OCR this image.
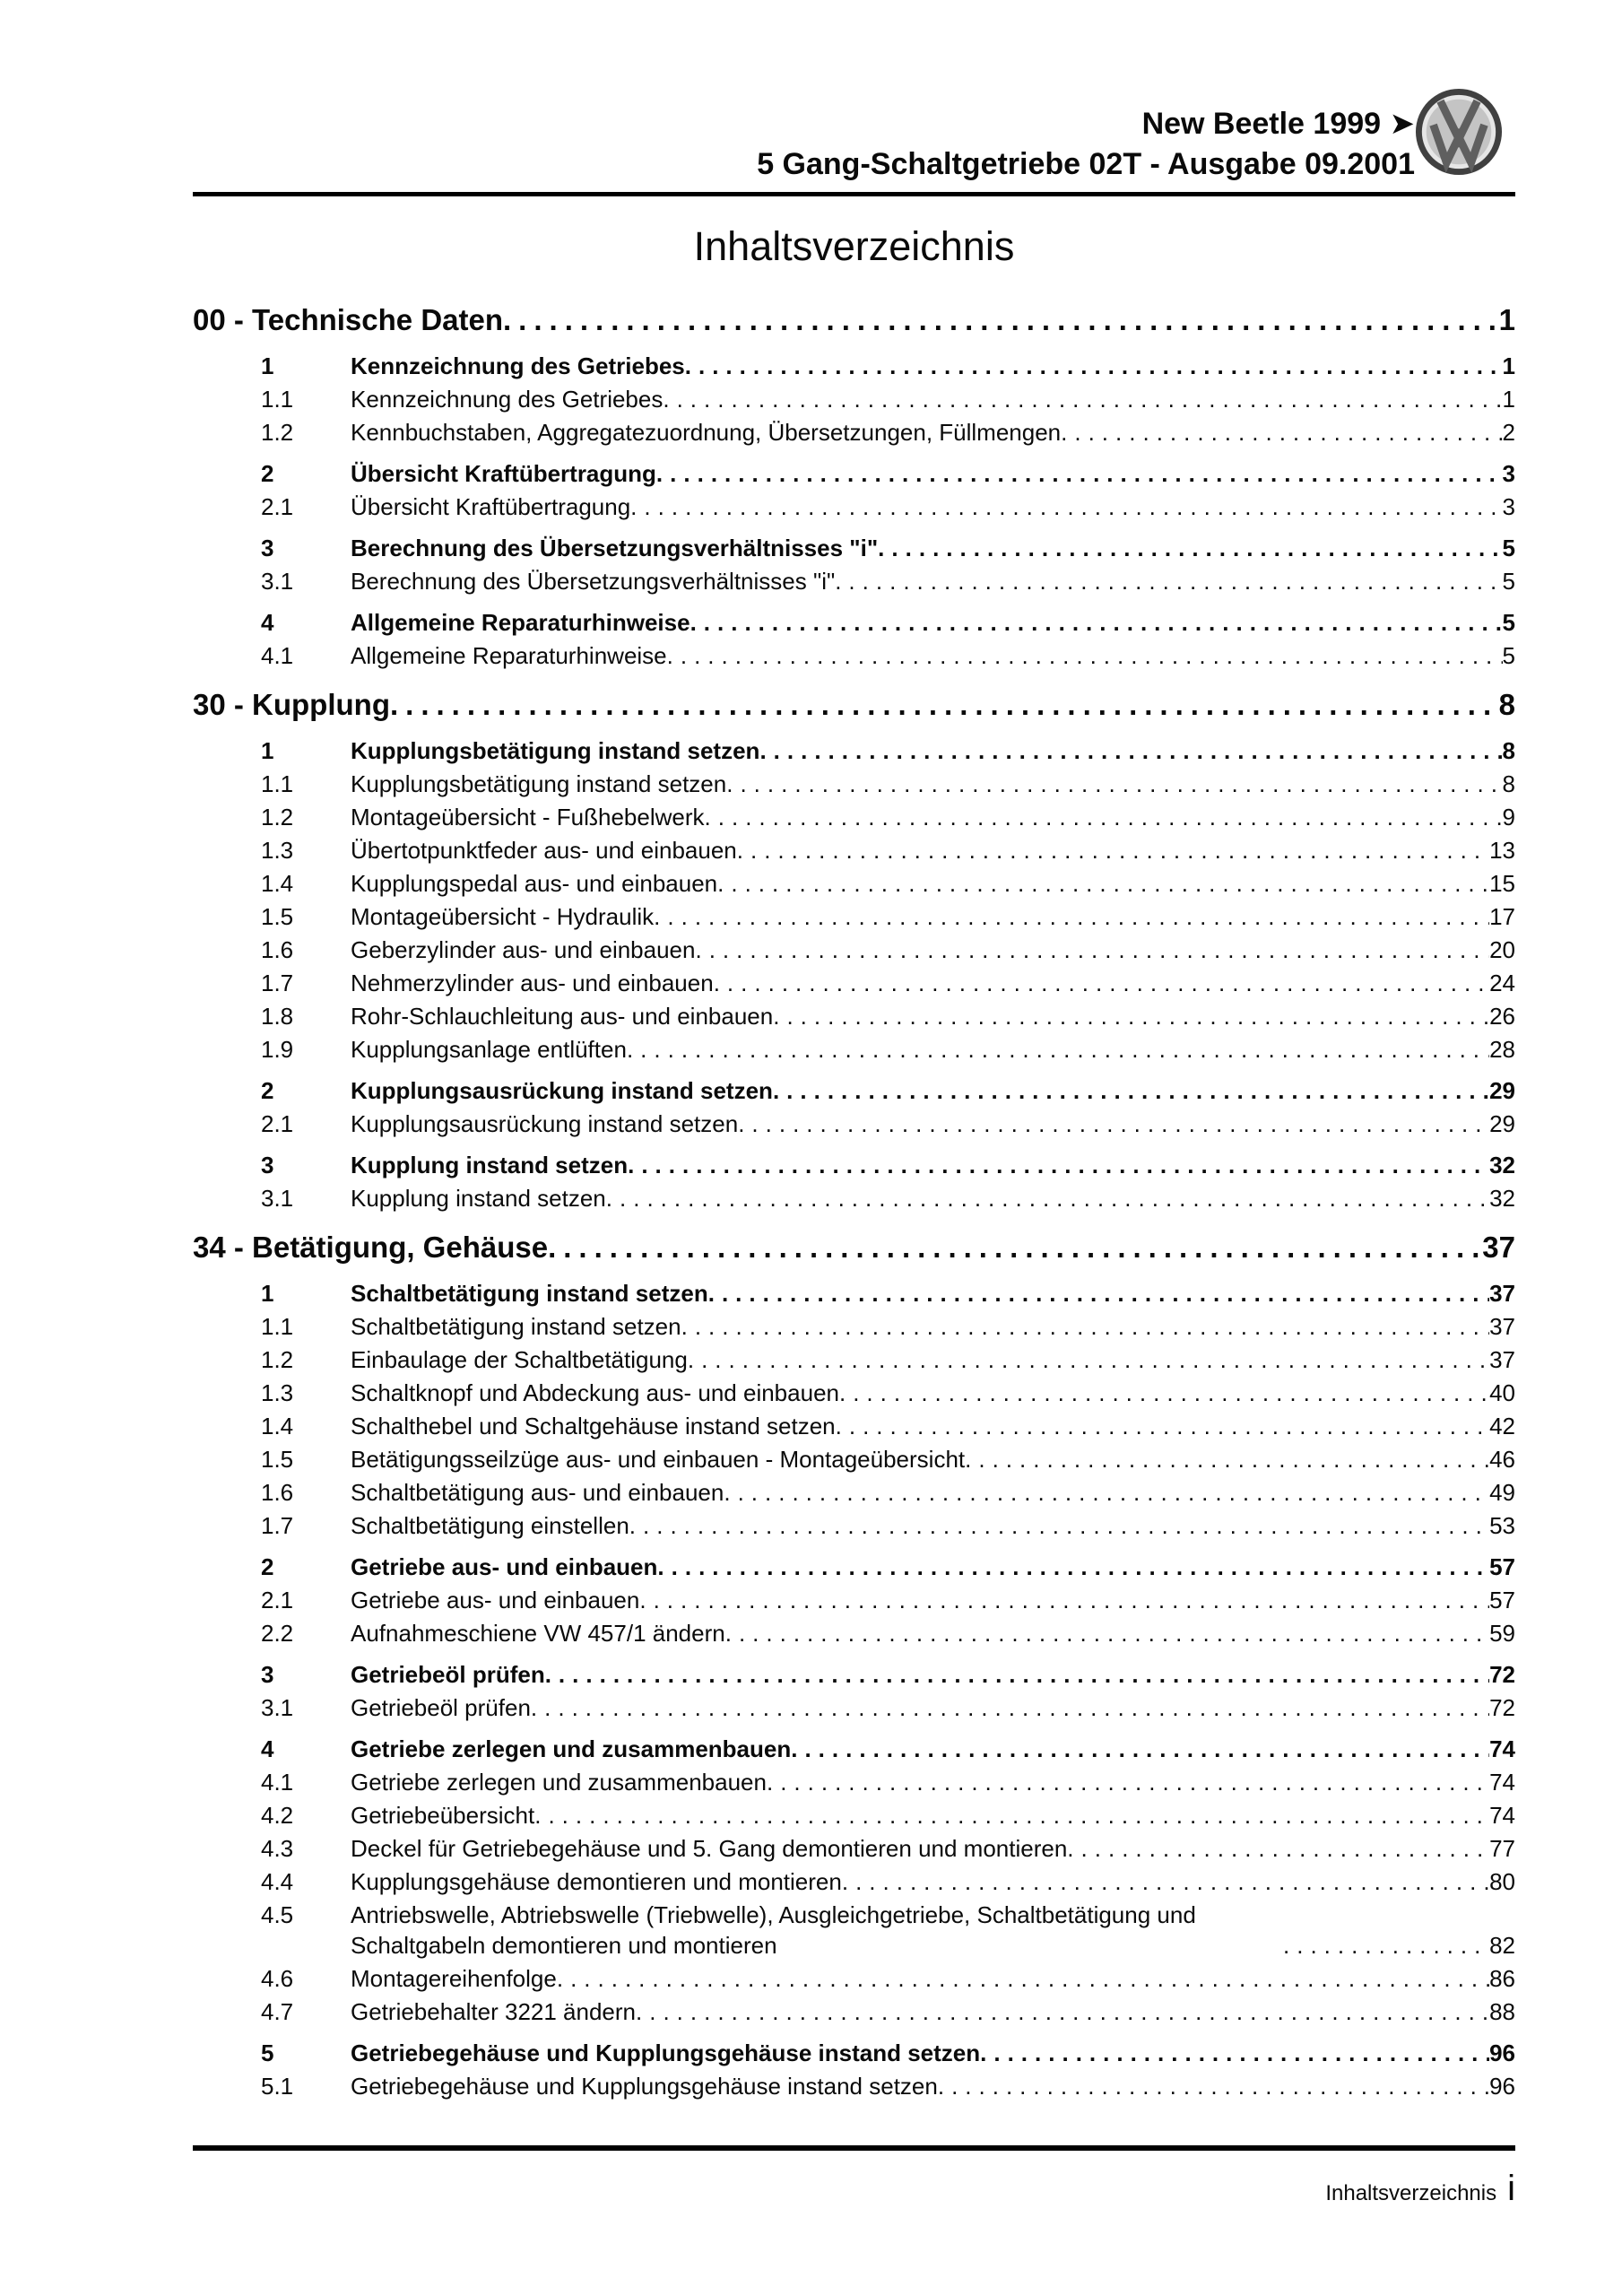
New Beetle 1999 ➤
5 Gang-Schaltgetriebe 02T - Ausgabe 09.2001
Inhaltsverzeichnis
00 - Technische Daten .....	1
1	Kennzeichnung des Getriebes .....	1
1.1	Kennzeichnung des Getriebes .....	1
1.2	Kennbuchstaben, Aggregatezuordnung, Übersetzungen, Füllmengen .....	2
2	Übersicht Kraftübertragung .....	3
2.1	Übersicht Kraftübertragung .....	3
3	Berechnung des Übersetzungsverhältnisses "i" .....	5
3.1	Berechnung des Übersetzungsverhältnisses "i" .....	5
4	Allgemeine Reparaturhinweise .....	5
4.1	Allgemeine Reparaturhinweise .....	5
30 - Kupplung .....	8
1	Kupplungsbetätigung instand setzen .....	8
1.1	Kupplungsbetätigung instand setzen .....	8
1.2	Montageübersicht - Fußhebelwerk .....	9
1.3	Übertotpunktfeder aus- und einbauen .....	13
1.4	Kupplungspedal aus- und einbauen .....	15
1.5	Montageübersicht - Hydraulik .....	17
1.6	Geberzylinder aus- und einbauen .....	20
1.7	Nehmerzylinder aus- und einbauen .....	24
1.8	Rohr-Schlauchleitung aus- und einbauen .....	26
1.9	Kupplungsanlage entlüften .....	28
2	Kupplungsausrückung instand setzen .....	29
2.1	Kupplungsausrückung instand setzen .....	29
3	Kupplung instand setzen .....	32
3.1	Kupplung instand setzen .....	32
34 - Betätigung, Gehäuse .....	37
1	Schaltbetätigung instand setzen .....	37
1.1	Schaltbetätigung instand setzen .....	37
1.2	Einbaulage der Schaltbetätigung .....	37
1.3	Schaltknopf und Abdeckung aus- und einbauen .....	40
1.4	Schalthebel und Schaltgehäuse instand setzen .....	42
1.5	Betätigungsseilzüge aus- und einbauen - Montageübersicht .....	46
1.6	Schaltbetätigung aus- und einbauen .....	49
1.7	Schaltbetätigung einstellen .....	53
2	Getriebe aus- und einbauen .....	57
2.1	Getriebe aus- und einbauen .....	57
2.2	Aufnahmeschiene VW 457/1 ändern .....	59
3	Getriebeöl prüfen .....	72
3.1	Getriebeöl prüfen .....	72
4	Getriebe zerlegen und zusammenbauen .....	74
4.1	Getriebe zerlegen und zusammenbauen .....	74
4.2	Getriebeübersicht .....	74
4.3	Deckel für Getriebegehäuse und 5. Gang demontieren und montieren .....	77
4.4	Kupplungsgehäuse demontieren und montieren .....	80
4.5	Antriebswelle, Abtriebswelle (Triebwelle), Ausgleichgetriebe, Schaltbetätigung und Schaltgabeln demontieren und montieren .....	82
4.6	Montagereihenfolge .....	86
4.7	Getriebehalter 3221 ändern .....	88
5	Getriebegehäuse und Kupplungsgehäuse instand setzen .....	96
5.1	Getriebegehäuse und Kupplungsgehäuse instand setzen .....	96
Inhaltsverzeichnis i
